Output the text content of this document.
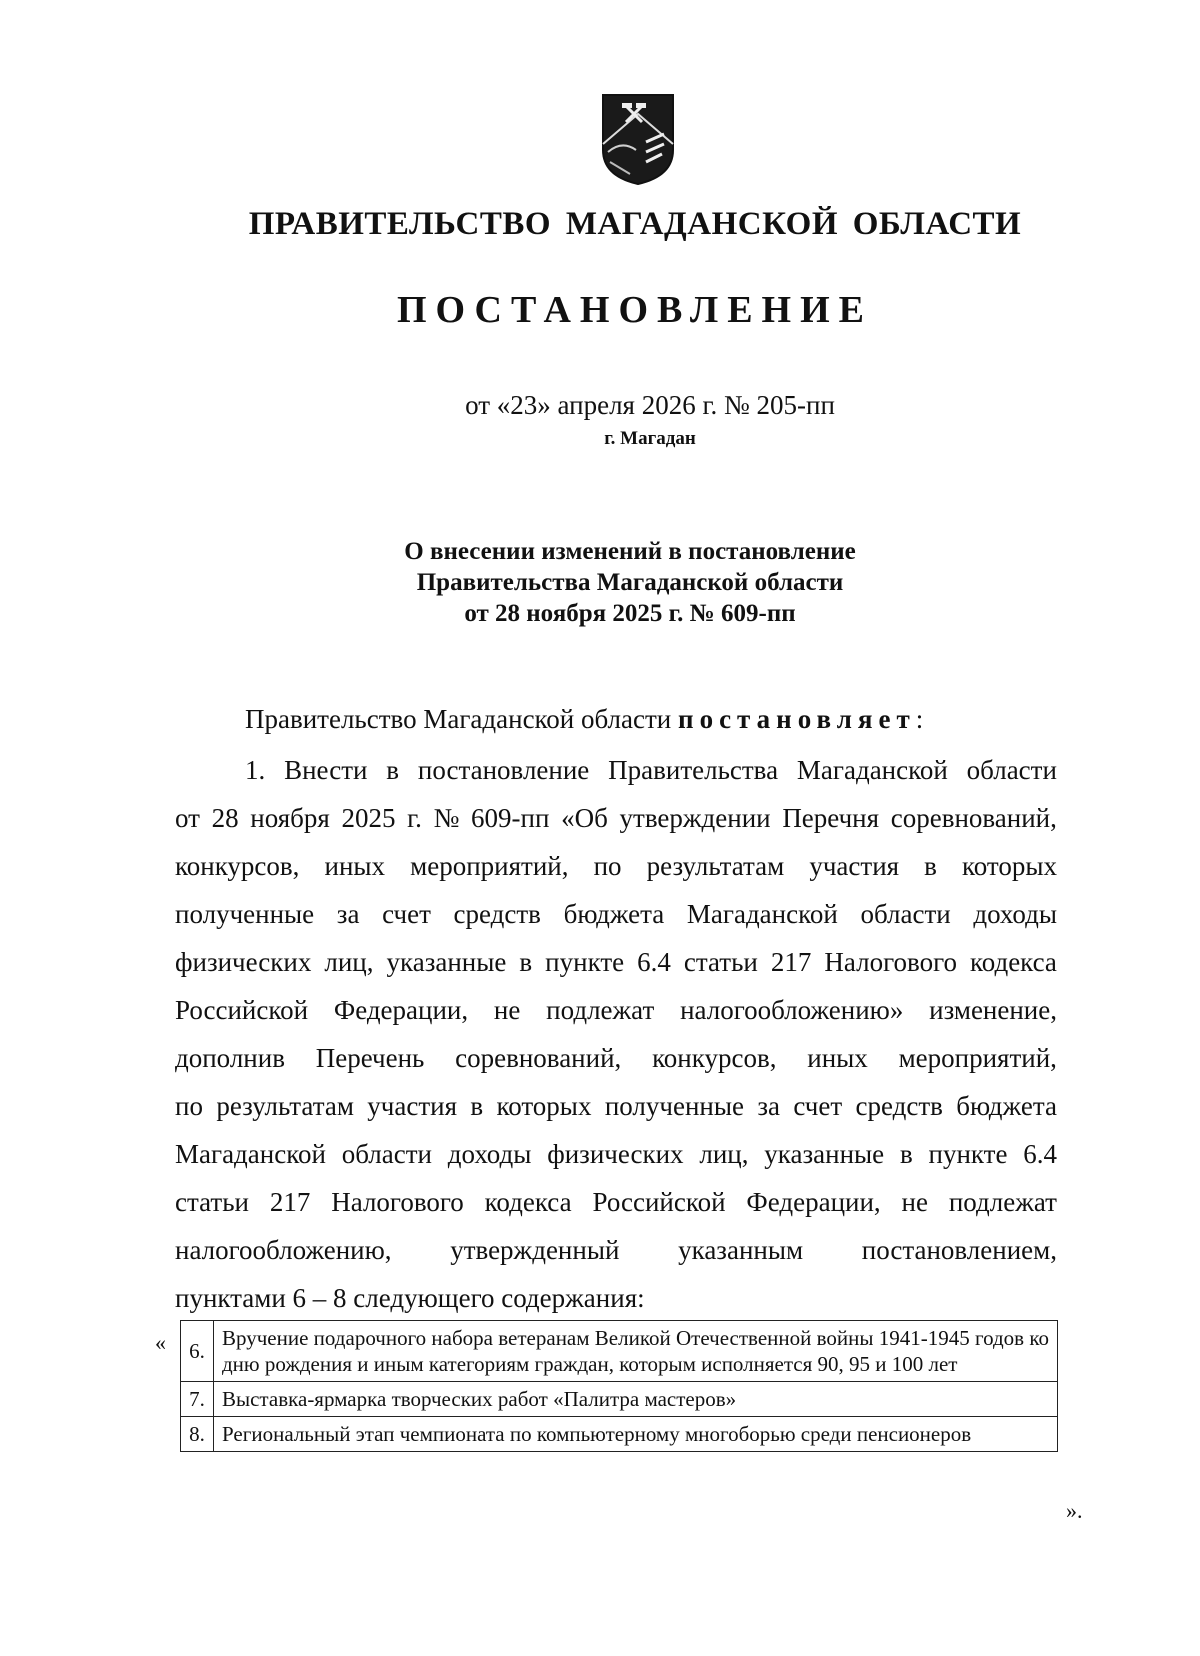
ПРАВИТЕЛЬСТВО МАГАДАНСКОЙ ОБЛАСТИ
ПОСТАНОВЛЕНИЕ
от «23» апреля 2026 г. № 205-пп
г. Магадан
О внесении изменений в постановление
Правительства Магаданской области
от 28 ноября 2025 г. № 609-пп
Правительство Магаданской области постановляет:
1. Внести в постановление Правительства Магаданской области
от 28 ноября 2025 г. № 609-пп «Об утверждении Перечня соревнований,
конкурсов, иных мероприятий, по результатам участия в которых
полученные за счет средств бюджета Магаданской области доходы
физических лиц, указанные в пункте 6.4 статьи 217 Налогового кодекса
Российской Федерации, не подлежат налогообложению» изменение,
дополнив Перечень соревнований, конкурсов, иных мероприятий,
по результатам участия в которых полученные за счет средств бюджета
Магаданской области доходы физических лиц, указанные в пункте 6.4
статьи 217 Налогового кодекса Российской Федерации, не подлежат
налогообложению, утвержденный указанным постановлением,
пунктами 6 – 8 следующего содержания:
« 6.	Вручение подарочного набора ветеранам Великой Отечественной войны 1941-1945 годов ко дню рождения и иным категориям граждан, которым исполняется 90, 95 и 100 лет
7.	Выставка-ярмарка творческих работ «Палитра мастеров»
8.	Региональный этап чемпионата по компьютерному многоборью среди пенсионеров
».
